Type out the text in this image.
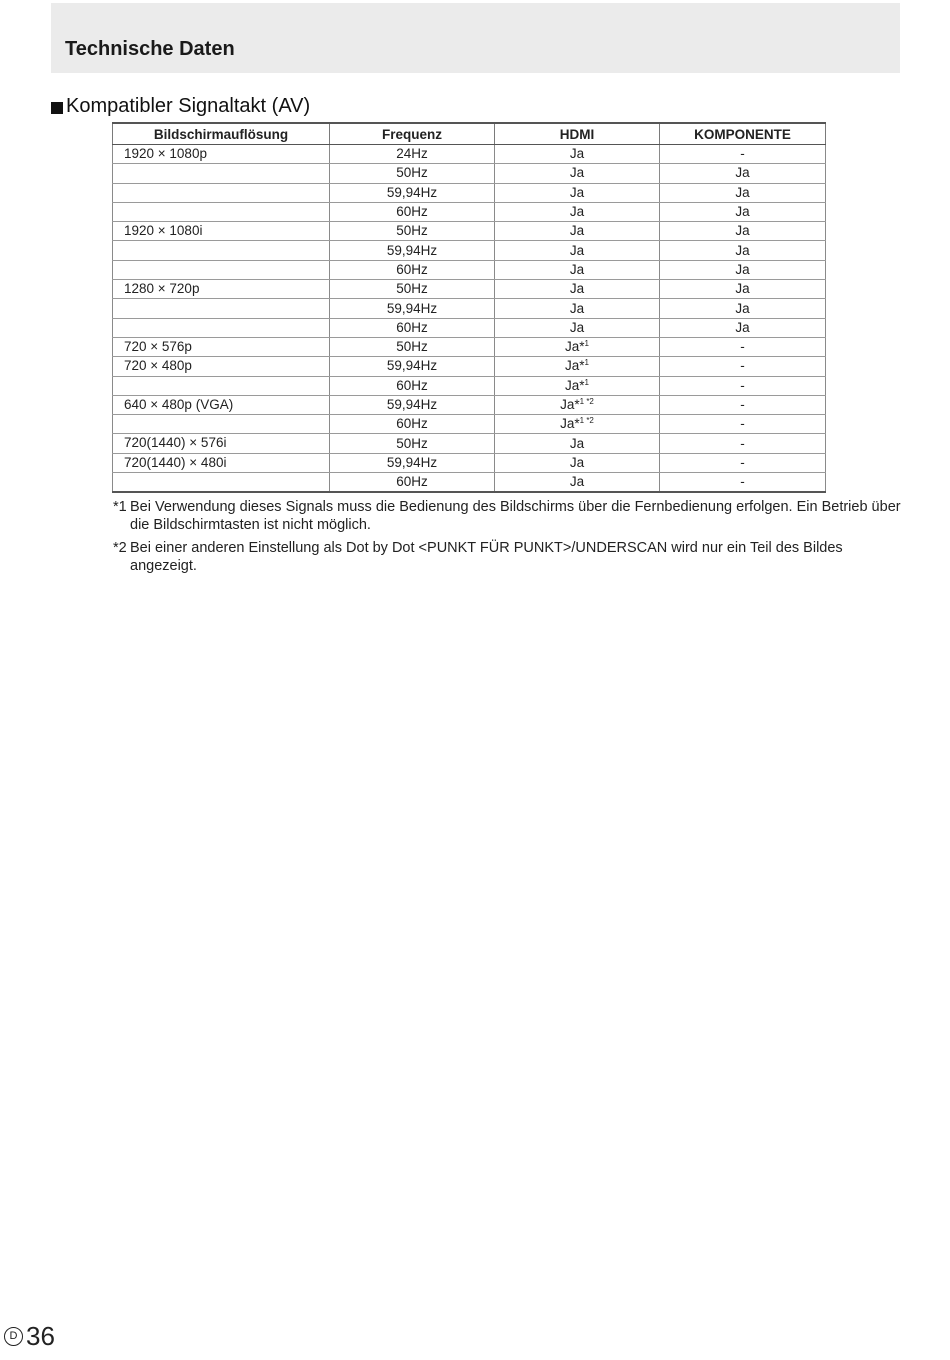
Technische Daten
Kompatibler Signaltakt (AV)
Bildschirmauflösung	Frequenz	HDMI	KOMPONENTE
1920 × 1080p	24Hz	Ja	-
	50Hz	Ja	Ja
	59,94Hz	Ja	Ja
	60Hz	Ja	Ja
1920 × 1080i	50Hz	Ja	Ja
	59,94Hz	Ja	Ja
	60Hz	Ja	Ja
1280 × 720p	50Hz	Ja	Ja
	59,94Hz	Ja	Ja
	60Hz	Ja	Ja
720 × 576p	50Hz	Ja*$^1$	-
720 × 480p	59,94Hz	Ja*$^1$	-
	60Hz	Ja*$^1$	-
640 × 480p (VGA)	59,94Hz	Ja*$^{1 *2}$	-
	60Hz	Ja*$^{1 *2}$	-
720(1440) × 576i	50Hz	Ja	-
720(1440) × 480i	59,94Hz	Ja	-
	60Hz	Ja	-
*1 Bei Verwendung dieses Signals muss die Bedienung des Bildschirms über die Fernbedienung erfolgen. Ein Betrieb über die Bildschirmtasten ist nicht möglich.
*2 Bei einer anderen Einstellung als Dot by Dot <PUNKT FÜR PUNKT>/UNDERSCAN wird nur ein Teil des Bildes angezeigt.
D 36
